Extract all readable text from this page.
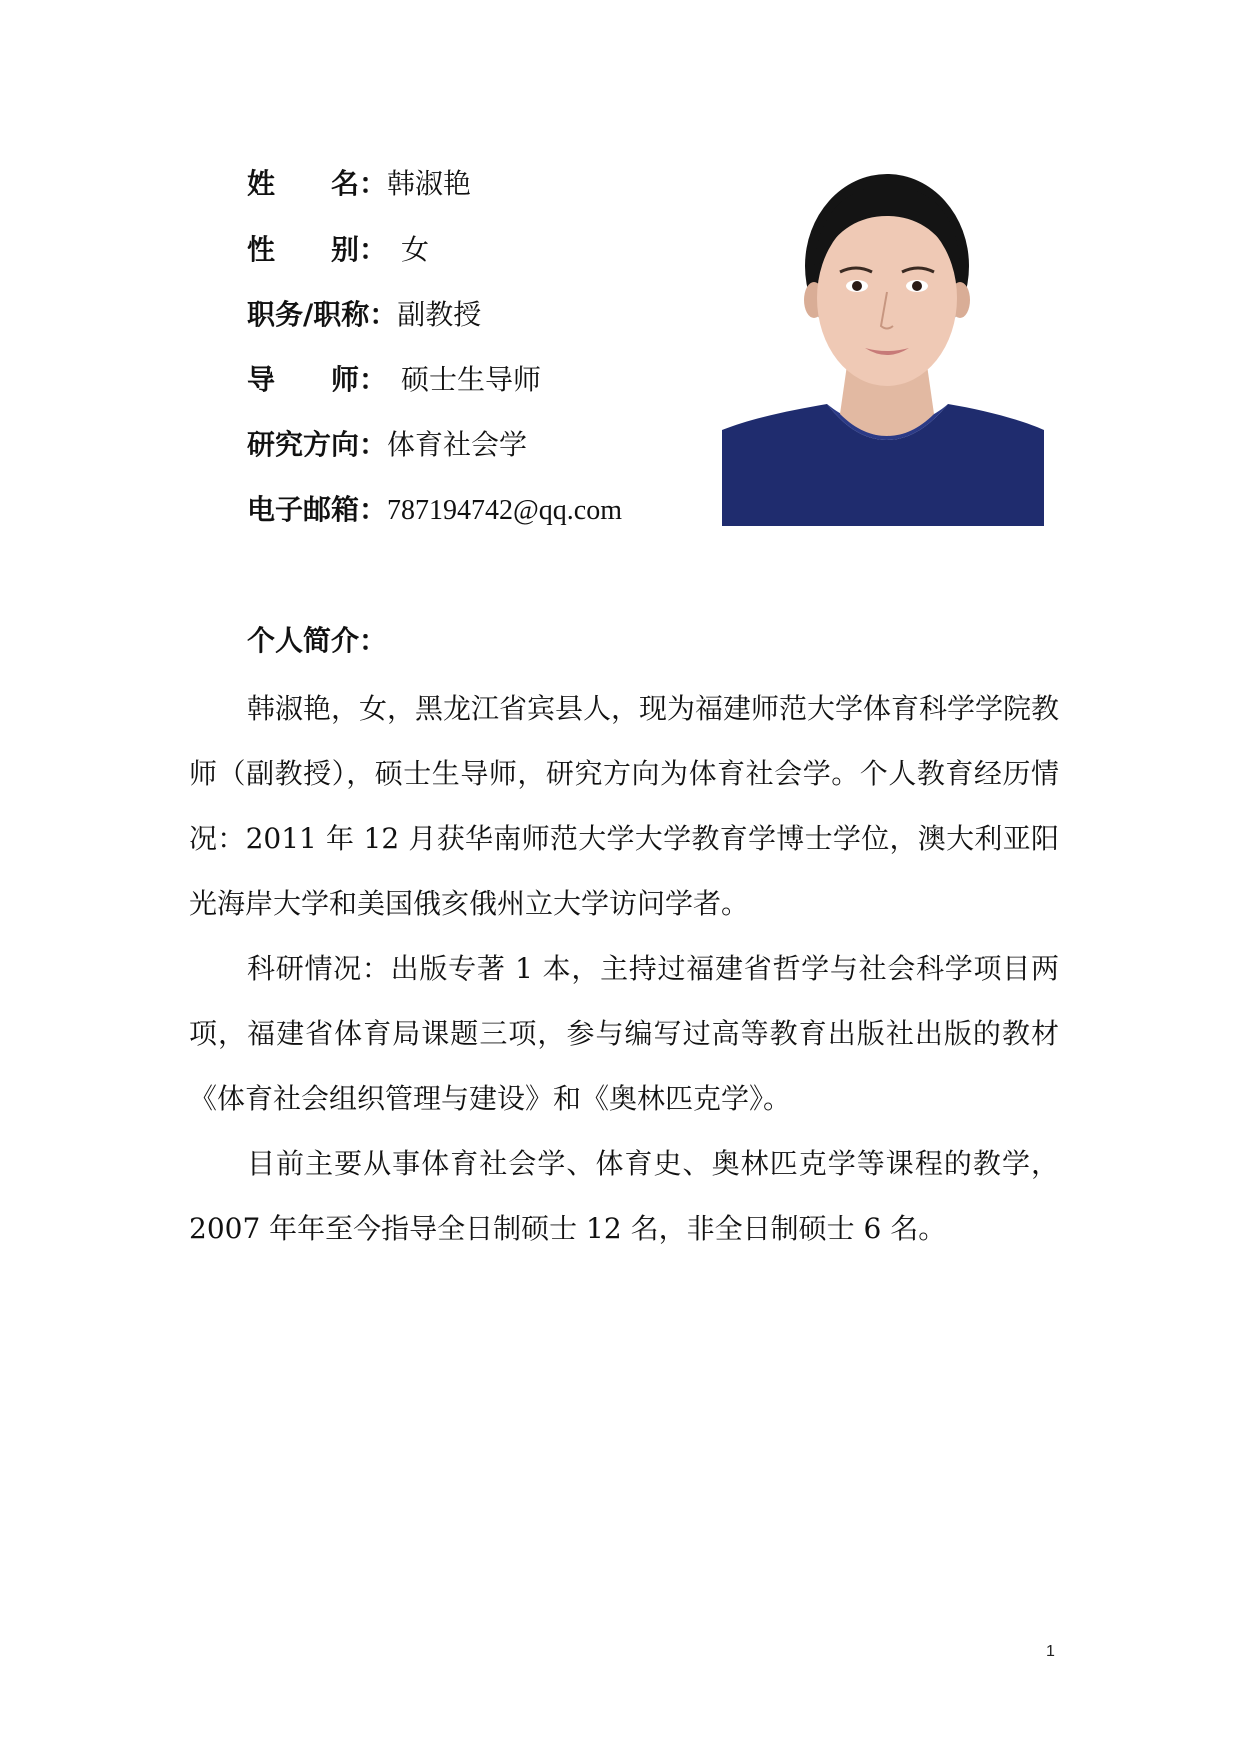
姓　　名：韩淑艳
性　　别： 女
职务/职称：副教授
导　　师： 硕士生导师
研究方向：体育社会学
电子邮箱：787194742@qq.com
个人简介：

韩淑艳，女，黑龙江省宾县人，现为福建师范大学体育科学学院教师（副教授），硕士生导师，研究方向为体育社会学。个人教育经历情况：2011 年 12 月获华南师范大学大学教育学博士学位，澳大利亚阳光海岸大学和美国俄亥俄州立大学访问学者。

科研情况：出版专著 1 本，主持过福建省哲学与社会科学项目两项，福建省体育局课题三项，参与编写过高等教育出版社出版的教材《体育社会组织管理与建设》和《奥林匹克学》。

目前主要从事体育社会学、体育史、奥林匹克学等课程的教学，2007 年年至今指导全日制硕士 12 名，非全日制硕士 6 名。

1
